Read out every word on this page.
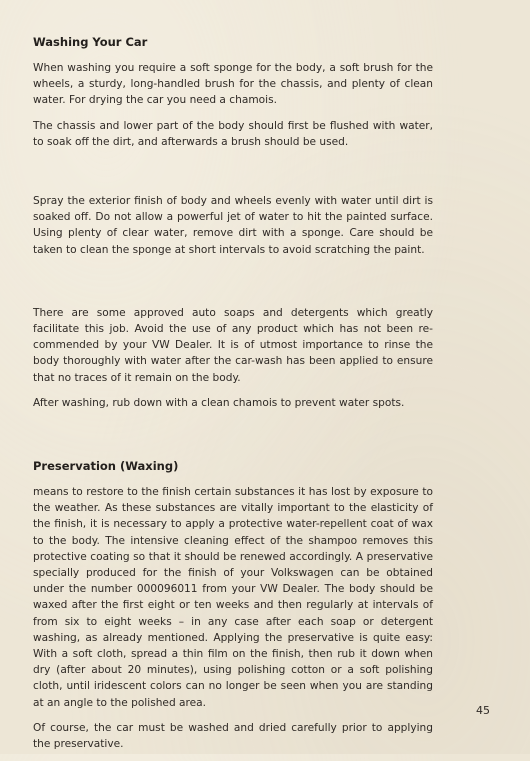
Washing Your Car

When washing you require a soft sponge for the body, a soft brush for the wheels, a sturdy, long-handled brush for the chassis, and plenty of clean water. For drying the car you need a chamois.

The chassis and lower part of the body should first be flushed with water, to soak off the dirt, and afterwards a brush should be used.

Spray the exterior finish of body and wheels evenly with water until dirt is soaked off. Do not allow a powerful jet of water to hit the painted surface. Using plenty of clear water, remove dirt with a sponge. Care should be taken to clean the sponge at short intervals to avoid scratching the paint.

There are some approved auto soaps and detergents which greatly facilitate this job. Avoid the use of any product which has not been recommended by your VW Dealer. It is of utmost importance to rinse the body thoroughly with water after the car-wash has been applied to ensure that no traces of it remain on the body.

After washing, rub down with a clean chamois to prevent water spots.

Preservation (Waxing)

means to restore to the finish certain substances it has lost by exposure to the weather. As these substances are vitally important to the elasticity of the finish, it is necessary to apply a protective water-repellent coat of wax to the body. The intensive cleaning effect of the shampoo removes this protective coating so that it should be renewed accordingly. A preservative specially produced for the finish of your Volkswagen can be obtained under the number 000096011 from your VW Dealer. The body should be waxed after the first eight or ten weeks and then regularly at intervals of from six to eight weeks – in any case after each soap or detergent washing, as already mentioned. Applying the preservative is quite easy: With a soft cloth, spread a thin film on the finish, then rub it down when dry (after about 20 minutes), using polishing cotton or a soft polishing cloth, until iridescent colors can no longer be seen when you are standing at an angle to the polished area.

Of course, the car must be washed and dried carefully prior to applying the preservative.

45
